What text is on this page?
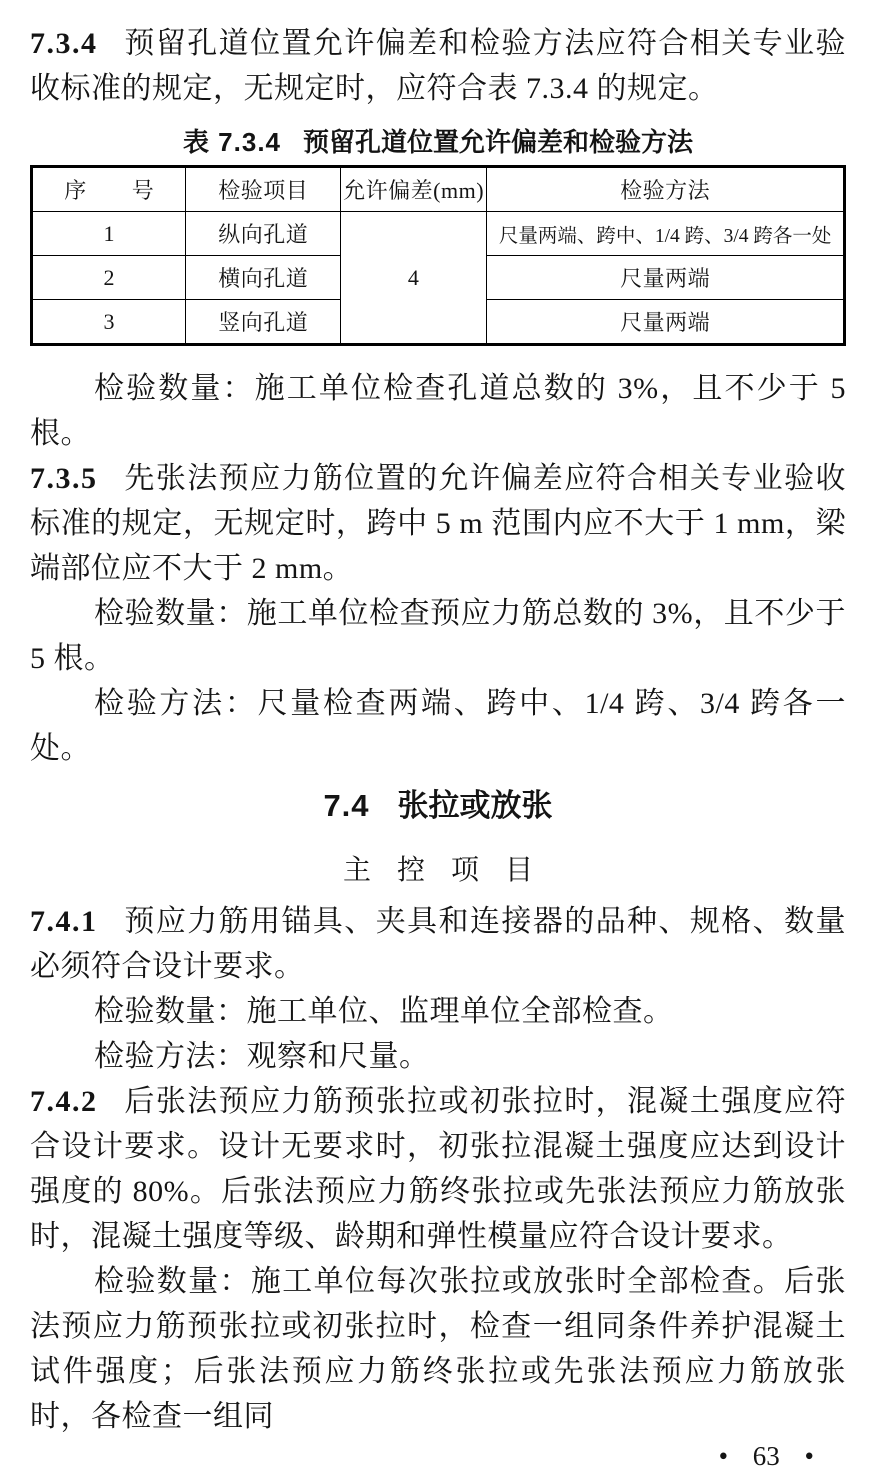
7.3.4 预留孔道位置允许偏差和检验方法应符合相关专业验收标准的规定，无规定时，应符合表 7.3.4 的规定。

表 7.3.4 预留孔道位置允许偏差和检验方法
序　　号	检验项目	允许偏差(mm)	检验方法
1	纵向孔道	4	尺量两端、跨中、1/4 跨、3/4 跨各一处
2	横向孔道		尺量两端
3	竖向孔道		尺量两端

检验数量：施工单位检查孔道总数的 3%，且不少于 5 根。

7.3.5 先张法预应力筋位置的允许偏差应符合相关专业验收标准的规定，无规定时，跨中 5 m 范围内应不大于 1 mm，梁端部位应不大于 2 mm。

检验数量：施工单位检查预应力筋总数的 3%，且不少于 5 根。

检验方法：尺量检查两端、跨中、1/4 跨、3/4 跨各一处。

7.4 张拉或放张
主控项目

7.4.1 预应力筋用锚具、夹具和连接器的品种、规格、数量必须符合设计要求。

检验数量：施工单位、监理单位全部检查。

检验方法：观察和尺量。

7.4.2 后张法预应力筋预张拉或初张拉时，混凝土强度应符合设计要求。设计无要求时，初张拉混凝土强度应达到设计强度的 80%。后张法预应力筋终张拉或先张法预应力筋放张时，混凝土强度等级、龄期和弹性模量应符合设计要求。

检验数量：施工单位每次张拉或放张时全部检查。后张法预应力筋预张拉或初张拉时，检查一组同条件养护混凝土试件强度；后张法预应力筋终张拉或先张法预应力筋放张时，各检查一组同

• 63 •
